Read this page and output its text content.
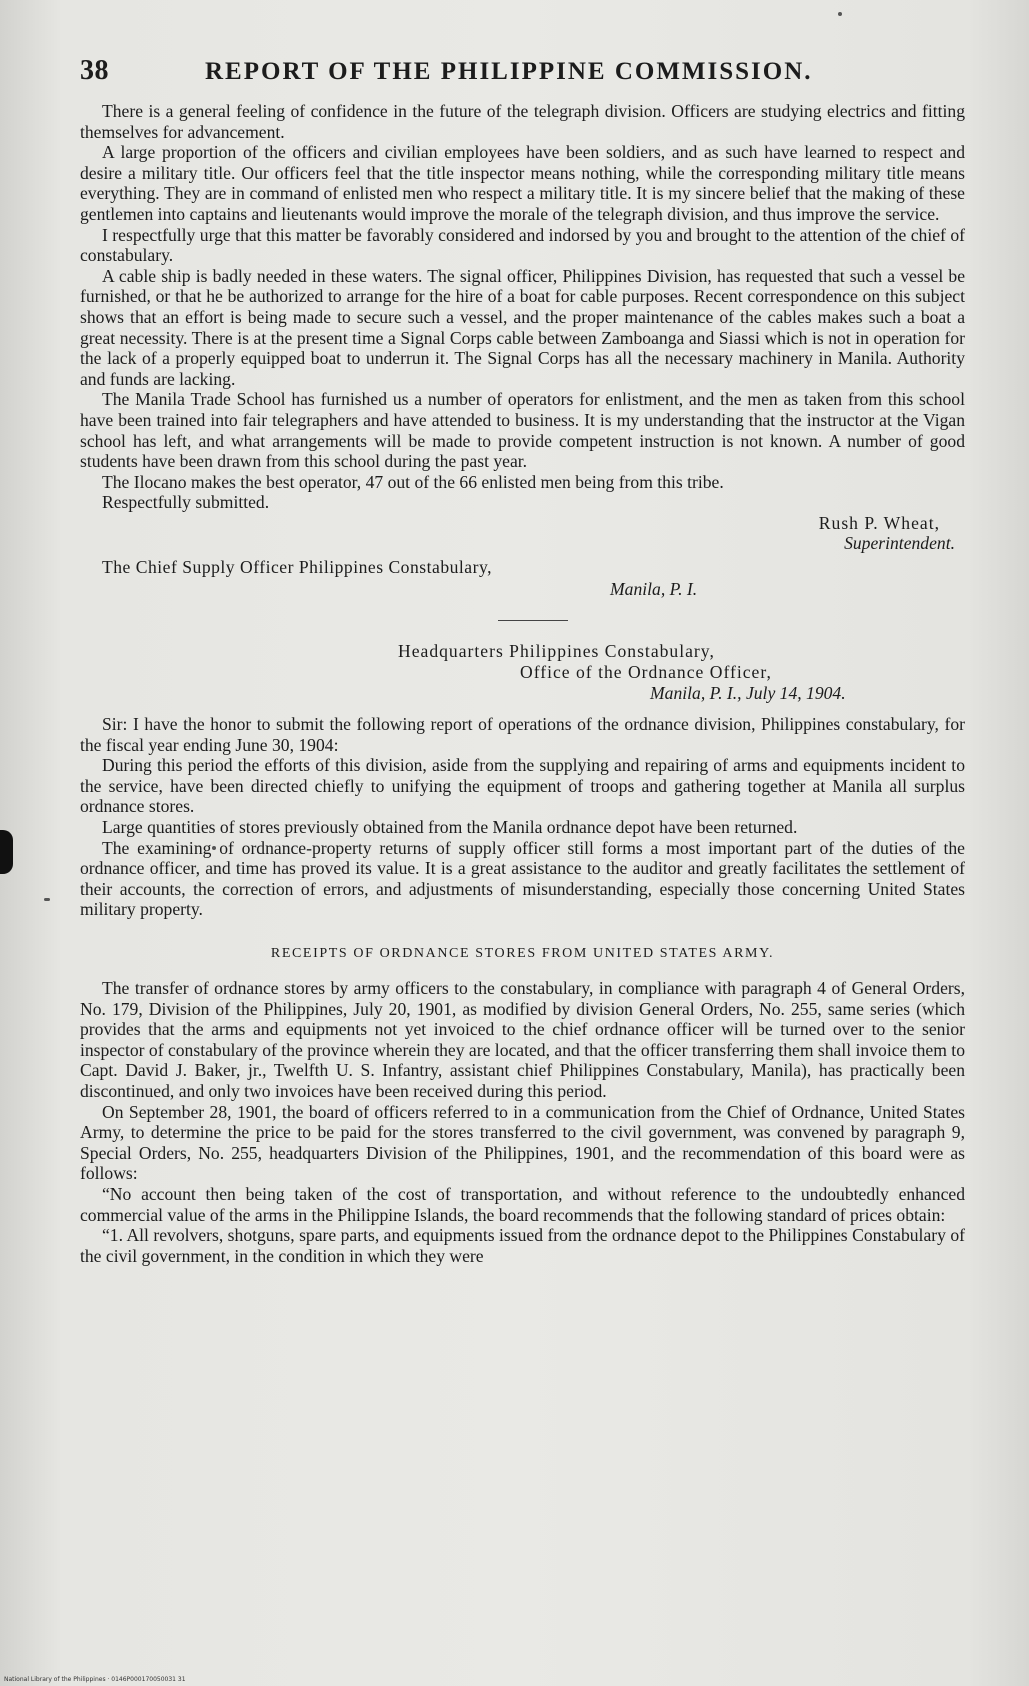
38	REPORT OF THE PHILIPPINE COMMISSION.

There is a general feeling of confidence in the future of the telegraph division. Officers are studying electrics and fitting themselves for advancement.

A large proportion of the officers and civilian employees have been soldiers, and as such have learned to respect and desire a military title. Our officers feel that the title inspector means nothing, while the corresponding military title means everything. They are in command of enlisted men who respect a military title. It is my sincere belief that the making of these gentlemen into captains and lieutenants would improve the morale of the telegraph division, and thus improve the service.

I respectfully urge that this matter be favorably considered and indorsed by you and brought to the attention of the chief of constabulary.

A cable ship is badly needed in these waters. The signal officer, Philippines Division, has requested that such a vessel be furnished, or that he be authorized to arrange for the hire of a boat for cable purposes. Recent correspondence on this subject shows that an effort is being made to secure such a vessel, and the proper maintenance of the cables makes such a boat a great necessity. There is at the present time a Signal Corps cable between Zamboanga and Siassi which is not in operation for the lack of a properly equipped boat to underrun it. The Signal Corps has all the necessary machinery in Manila. Authority and funds are lacking.

The Manila Trade School has furnished us a number of operators for enlistment, and the men as taken from this school have been trained into fair telegraphers and have attended to business. It is my understanding that the instructor at the Vigan school has left, and what arrangements will be made to provide competent instruction is not known. A number of good students have been drawn from this school during the past year.

The Ilocano makes the best operator, 47 out of the 66 enlisted men being from this tribe.

Respectfully submitted.

Rush P. Wheat,
Superintendent.
The Chief Supply Officer Philippines Constabulary,
Manila, P. I.
Headquarters Philippines Constabulary,
Office of the Ordnance Officer,
Manila, P. I., July 14, 1904.

Sir: I have the honor to submit the following report of operations of the ordnance division, Philippines constabulary, for the fiscal year ending June 30, 1904:

During this period the efforts of this division, aside from the supplying and repairing of arms and equipments incident to the service, have been directed chiefly to unifying the equipment of troops and gathering together at Manila all surplus ordnance stores.

Large quantities of stores previously obtained from the Manila ordnance depot have been returned.

The examining of ordnance-property returns of supply officer still forms a most important part of the duties of the ordnance officer, and time has proved its value. It is a great assistance to the auditor and greatly facilitates the settlement of their accounts, the correction of errors, and adjustments of misunderstanding, especially those concerning United States military property.

RECEIPTS OF ORDNANCE STORES FROM UNITED STATES ARMY.

The transfer of ordnance stores by army officers to the constabulary, in compliance with paragraph 4 of General Orders, No. 179, Division of the Philippines, July 20, 1901, as modified by division General Orders, No. 255, same series (which provides that the arms and equipments not yet invoiced to the chief ordnance officer will be turned over to the senior inspector of constabulary of the province wherein they are located, and that the officer transferring them shall invoice them to Capt. David J. Baker, jr., Twelfth U. S. Infantry, assistant chief Philippines Constabulary, Manila), has practically been discontinued, and only two invoices have been received during this period.

On September 28, 1901, the board of officers referred to in a communication from the Chief of Ordnance, United States Army, to determine the price to be paid for the stores transferred to the civil government, was convened by paragraph 9, Special Orders, No. 255, headquarters Division of the Philippines, 1901, and the recommendation of this board were as follows:

“No account then being taken of the cost of transportation, and without reference to the undoubtedly enhanced commercial value of the arms in the Philippine Islands, the board recommends that the following standard of prices obtain:

“1. All revolvers, shotguns, spare parts, and equipments issued from the ordnance depot to the Philippines Constabulary of the civil government, in the condition in which they were

National Library of the Philippines · 0146P000170050031 31
